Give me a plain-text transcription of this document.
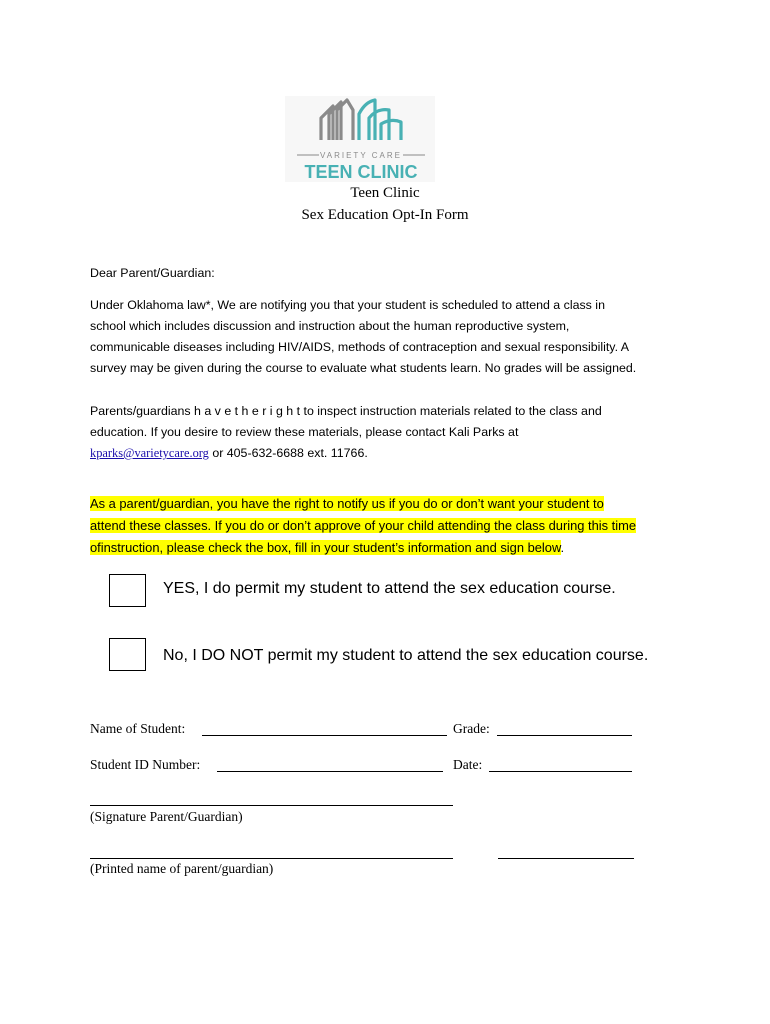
VARIETY CARE
TEEN CLINIC
Teen Clinic
Sex Education Opt-In Form
Dear Parent/Guardian:

Under Oklahoma law*, We are notifying you that your student is scheduled to attend a class in

school which includes discussion and instruction about the human reproductive system,

communicable diseases including HIV/AIDS, methods of contraception and sexual responsibility. A

survey may be given during the course to evaluate what students learn. No grades will be assigned.

Parents/guardians h a v e t h e r i g h t to inspect instruction materials related to the class and

education. If you desire to review these materials, please contact Kali Parks at

kparks@varietycare.org or 405-632-6688 ext. 11766.

As a parent/guardian, you have the right to notify us if you do or don’t want your student to

attend these classes. If you do or don’t approve of your child attending the class during this time

ofinstruction, please check the box, fill in your student’s information and sign below.

YES, I do permit my student to attend the sex education course.
No, I DO NOT permit my student to attend the sex education course.
Name of Student:	Grade:
Student ID Number:	Date:
(Signature Parent/Guardian)
(Printed name of parent/guardian)
